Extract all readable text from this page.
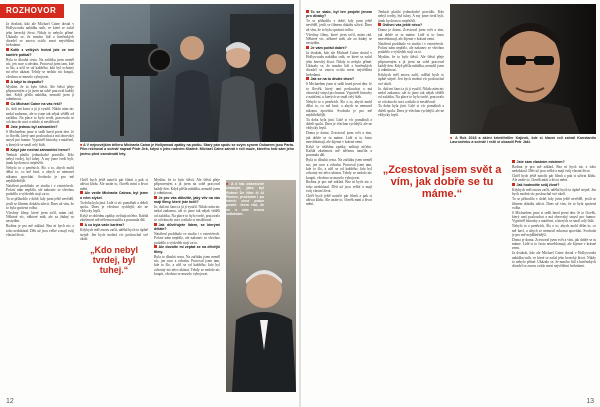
ROZHOVOR

Ja dvakrát, kdo ale Michael Caine dostal v Hollywoodu nabídku sníh, ve které se začal jeho herecký život. Nikdy to nebylo přímé. Ukázalo se, že mnoho lidí z brněnských divadel se znovu ocitlo mezi největšími hvězdami.

Kolik z velkých hvězd jste ve své kariéře potkal?

Byla to dlouhá cesta. Na začátku jsem neměl nic, jen ruce a odvahu. Pracoval jsem tam, kde to šlo, a učil se od každého, kdo byl ochotný mi něco ukázat. Tehdy se nedalo nic koupit, všechno se muselo vybojovat.

A když to dopadlo?

Myslím, že to bylo štěstí. Ale štěstí přeje připraveným a já jsem na sobě pracoval každý den. Když přišla nabídka, nemohl jsem ji odmítnout.

Co Michael Caine na vás řekl?

Jo, dali mi šanci a já ji využil. Nikdo nám nic nedal zadarmo, ale to jsme tak nějak věděli od začátku. Na place to bylo tvrdé, pracovalo se od rána do noci a nikdo si nestěžoval.

Jste jednou byl zahraniční?

S Michaelem jsme si sedli hned první den. Je to člověk, který umí poslouchat a má obrovský smysl pro humor. Vyprávěl historky z natáčení, u kterých se smál celý štáb.

Když jste nechal zahraniční herce?

Tenkrát platilo jednoduché pravidlo. Kdo nebyl tvrdej, byl tuhej. A my jsme tvrdí byli, jinak bychom to nepřežili.

Nebylo to o penězích. Šlo o to, abych mohl dělat to, co mě baví, a abych se nemusel nikomu zpovídat. Svoboda je pro mě nejdůležitější.

Natáčení probíhalo ve studiu i v exteriérech. Počasí nám nepřálo, ale nakonec se všechno podařilo a výsledek stojí za to.

To se přihodilo v době, kdy jsem ještě nevěděl, jestli se filmem dokážu uživit. Dnes už vím, že to byla správná volba.

Všechny filmy, které jsem točil, mám rád. Některé víc, některé míň, ale za žádný se nestydím.

Rodina je pro mě základ. Bez ní bych nic z toho nedokázal. Děti už jsou velké a mají svůj vlastní život.

■ A V nejnovějším trilleru Michaela Caina je Hollywood zpátky na pódiu. Starý pán spolu se svým synem Oskarem jsou Parta. Film režíroval a scénář napsal Piotr Jirk, kdysi v jeho rodném Kladně. Michael Caine zahrál v roli muže, kterého hrál sám jeho jméno před osmdesáti lety.

Chtěl bych ještě natočit pár filmů a pak si užívat klidu. Ale znáte to, člověk míní a život mění.

Ale vedle Michaela Cainea, byl jsme o něm slyšel.

Ta doba byla jiná. Lidé si víc pomáhali a drželi spolu. Dnes je všechno rychlejší, ale ne vždycky lepší.

Když se ohlédnu zpátky, nelituji ničeho. Každá zkušenost mě něčemu naučila a posunula dál.

A co byla vaše kariéra?

Kdybych měl znovu začít, udělal bych to úplně stejně. Jen bych možná víc poslouchal své okolí.

„Kdo nebyl tvrdej, byl tuhej.“

Myslím, že to bylo štěstí. Ale štěstí přeje připraveným a já jsem na sobě pracoval každý den. Když přišla nabídka, nemohl jsem ji odmítnout.

Je pro vás důležité, jaký vliv na vás mají filmy, které jste točil?

Jo, dali mi šanci a já ji využil. Nikdo nám nic nedal zadarmo, ale to jsme tak nějak věděli od začátku. Na place to bylo tvrdé, pracovalo se od rána do noci a nikdo si nestěžoval.

Jak důvěřujete lidem, se kterými děláte?

Natáčení probíhalo ve studiu i v exteriérech. Počasí nám nepřálo, ale nakonec se všechno podařilo a výsledek stojí za to.

Ale dovolte mi zeptat se na dřívější filmy.

Byla to dlouhá cesta. Na začátku jsem neměl nic, jen ruce a odvahu. Pracoval jsem tam, kde to šlo, a učil se od každého, kdo byl ochotný mi něco ukázat. Tehdy se nedalo nic koupit, všechno se muselo vybojovat.

■ A k tak obsesivně známým, jako byl Robert De Niro či Al Pacino, prožívám i po letech chuť práce pozdě. Jsem rád, že se s ním znovu setkávám.
12

To se stalo, byl ten projekt jenom pro diváky?

To se přihodilo v době, kdy jsem ještě nevěděl, jestli se filmem dokážu uživit. Dnes už vím, že to byla správná volba.

Všechny filmy, které jsem točil, mám rád. Některé víc, některé míň, ale za žádný se nestydím.

Je vám pořád dobře?

Ja dvakrát, kdo ale Michael Caine dostal v Hollywoodu nabídku sníh, ve které se začal jeho herecký život. Nikdy to nebylo přímé. Ukázalo se, že mnoho lidí z brněnských divadel se znovu ocitlo mezi největšími hvězdami.

Jak se na to díváte dnes?

S Michaelem jsme si sedli hned první den. Je to člověk, který umí poslouchat a má obrovský smysl pro humor. Vyprávěl historky z natáčení, u kterých se smál celý štáb.

Nebylo to o penězích. Šlo o to, abych mohl dělat to, co mě baví, a abych se nemusel nikomu zpovídat. Svoboda je pro mě nejdůležitější.

Ta doba byla jiná. Lidé si víc pomáhali a drželi spolu. Dnes je všechno rychlejší, ale ne vždycky lepší.

Doma je doma. Zcestoval jsem svět a vím, jak dobře se tu máme. Lidé si to často neuvědomují, ale žijeme v krásné zemi.

Když se ohlédnu zpátky, nelituji ničeho. Každá zkušenost mě něčemu naučila a posunula dál.

Byla to dlouhá cesta. Na začátku jsem neměl nic, jen ruce a odvahu. Pracoval jsem tam, kde to šlo, a učil se od každého, kdo byl ochotný mi něco ukázat. Tehdy se nedalo nic koupit, všechno se muselo vybojovat.

Rodina je pro mě základ. Bez ní bych nic z toho nedokázal. Děti už jsou velké a mají svůj vlastní život.

Chtěl bych ještě natočit pár filmů a pak si užívat klidu. Ale znáte to, člověk míní a život mění.

Tenkrát platilo jednoduché pravidlo. Kdo nebyl tvrdej, byl tuhej. A my jsme tvrdí byli, jinak bychom to nepřežili.

Ovlivní vás ještě něco?

Doma je doma. Zcestoval jsem svět a vím, jak dobře se tu máme. Lidé si to často neuvědomují, ale žijeme v krásné zemi.

Natáčení probíhalo ve studiu i v exteriérech. Počasí nám nepřálo, ale nakonec se všechno podařilo a výsledek stojí za to.

Myslím, že to bylo štěstí. Ale štěstí přeje připraveným a já jsem na sobě pracoval každý den. Když přišla nabídka, nemohl jsem ji odmítnout.

Kdybych měl znovu začít, udělal bych to úplně stejně. Jen bych možná víc poslouchal své okolí.

Jo, dali mi šanci a já ji využil. Nikdo nám nic nedal zadarmo, ale to jsme tak nějak věděli od začátku. Na place to bylo tvrdé, pracovalo se od rána do noci a nikdo si nestěžoval.

Ta doba byla jiná. Lidé si víc pomáhali a drželi spolu. Dnes je všechno rychlejší, ale ne vždycky lepší.

■ A Rok 2018 a akční krimithriller Kajínek, kde si hlavní roli zahrál Konstantin Lavroněnko a scénář i režii si obsadil Petr Jákl.
„Zcestoval jsem svět a vím, jak dobře se tu máme.“

Jste sám vlastním mistrem?

Rodina je pro mě základ. Bez ní bych nic z toho nedokázal. Děti už jsou velké a mají svůj vlastní život.

Chtěl bych ještě natočit pár filmů a pak si užívat klidu. Ale znáte to, člověk míní a život mění.

Jak hodnotíte svůj život?

Kdybych měl znovu začít, udělal bych to úplně stejně. Jen bych možná víc poslouchal své okolí.

To se přihodilo v době, kdy jsem ještě nevěděl, jestli se filmem dokážu uživit. Dnes už vím, že to byla správná volba.

S Michaelem jsme si sedli hned první den. Je to člověk, který umí poslouchat a má obrovský smysl pro humor. Vyprávěl historky z natáčení, u kterých se smál celý štáb.

Nebylo to o penězích. Šlo o to, abych mohl dělat to, co mě baví, a abych se nemusel nikomu zpovídat. Svoboda je pro mě nejdůležitější.

Doma je doma. Zcestoval jsem svět a vím, jak dobře se tu máme. Lidé si to často neuvědomují, ale žijeme v krásné zemi.

Ja dvakrát, kdo ale Michael Caine dostal v Hollywoodu nabídku sníh, ve které se začal jeho herecký život. Nikdy to nebylo přímé. Ukázalo se, že mnoho lidí z brněnských divadel se znovu ocitlo mezi největšími hvězdami.

13
